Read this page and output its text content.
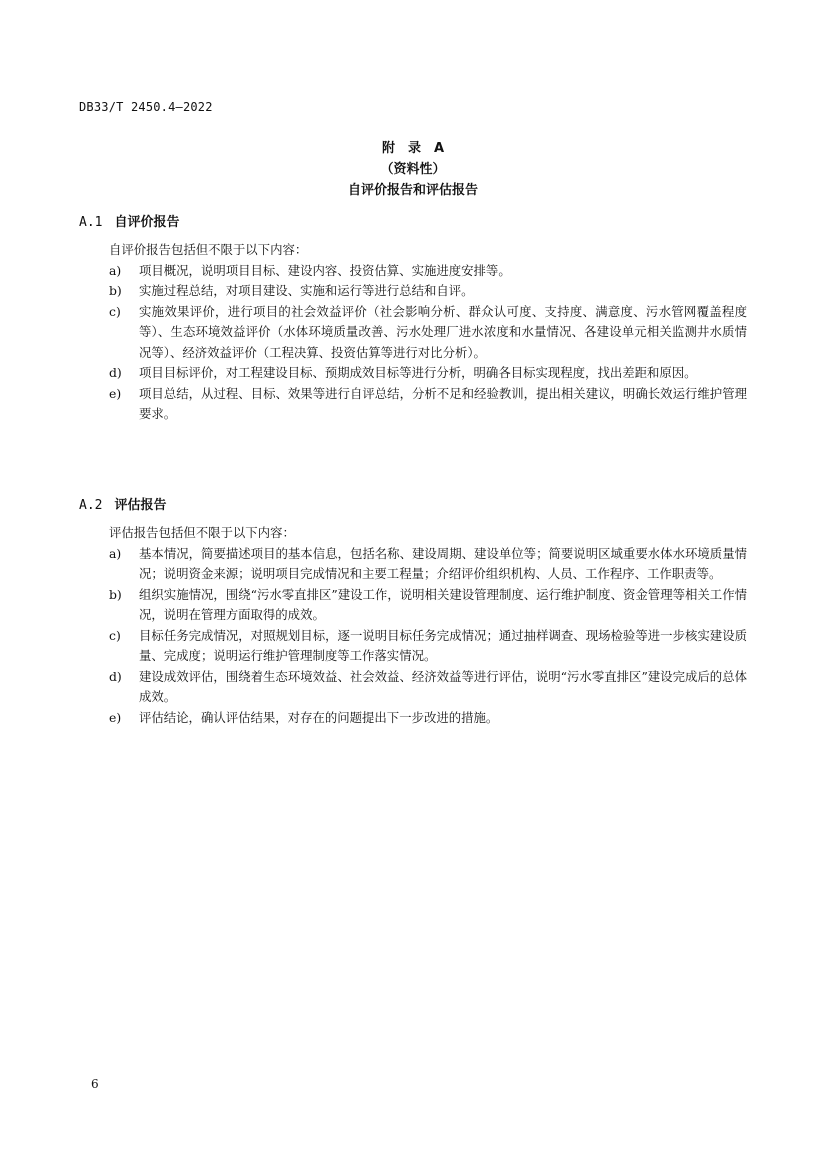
DB33/T 2450.4—2022
附　录　A
（资料性）
自评价报告和评估报告
A.1 自评价报告
自评价报告包括但不限于以下内容：
a)	项目概况，说明项目目标、建设内容、投资估算、实施进度安排等。
b)	实施过程总结，对项目建设、实施和运行等进行总结和自评。
c)	实施效果评价，进行项目的社会效益评价（社会影响分析、群众认可度、支持度、满意度、污水管网覆盖程度等）、生态环境效益评价（水体环境质量改善、污水处理厂进水浓度和水量情况、各建设单元相关监测井水质情况等）、经济效益评价（工程决算、投资估算等进行对比分析）。
d)	项目目标评价，对工程建设目标、预期成效目标等进行分析，明确各目标实现程度，找出差距和原因。
e)	项目总结，从过程、目标、效果等进行自评总结，分析不足和经验教训，提出相关建议，明确长效运行维护管理要求。
A.2 评估报告
评估报告包括但不限于以下内容：
a)	基本情况，简要描述项目的基本信息，包括名称、建设周期、建设单位等；简要说明区域重要水体水环境质量情况；说明资金来源；说明项目完成情况和主要工程量；介绍评价组织机构、人员、工作程序、工作职责等。
b)	组织实施情况，围绕“污水零直排区”建设工作，说明相关建设管理制度、运行维护制度、资金管理等相关工作情况，说明在管理方面取得的成效。
c)	目标任务完成情况，对照规划目标，逐一说明目标任务完成情况；通过抽样调查、现场检验等进一步核实建设质量、完成度；说明运行维护管理制度等工作落实情况。
d)	建设成效评估，围绕着生态环境效益、社会效益、经济效益等进行评估，说明“污水零直排区”建设完成后的总体成效。
e)	评估结论，确认评估结果，对存在的问题提出下一步改进的措施。
6
